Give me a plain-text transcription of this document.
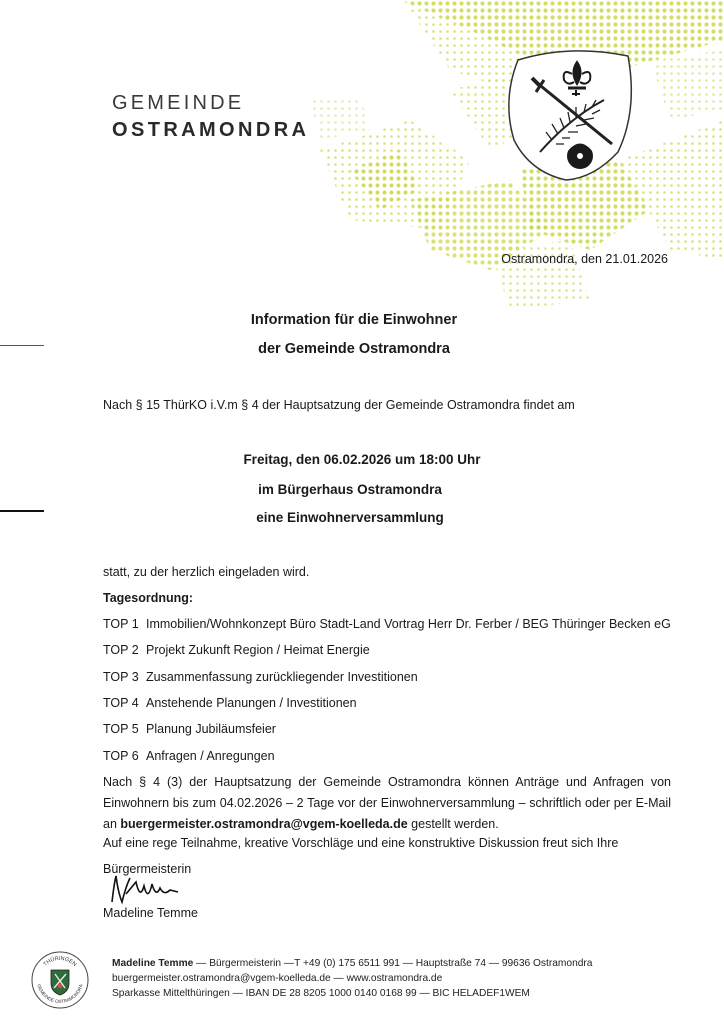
GEMEINDE
OSTRAMONDRA
Ostramondra, den 21.01.2026
Information für die Einwohner
der Gemeinde Ostramondra
Nach § 15 ThürKO i.V.m § 4 der Hauptsatzung der Gemeinde Ostramondra findet am
Freitag, den 06.02.2026 um 18:00 Uhr
im Bürgerhaus Ostramondra
eine Einwohnerversammlung
statt, zu der herzlich eingeladen wird.
Tagesordnung:
TOP 1 Immobilien/Wohnkonzept Büro Stadt-Land Vortrag Herr Dr. Ferber / BEG Thüringer Becken eG
TOP 2 Projekt Zukunft Region / Heimat Energie
TOP 3 Zusammenfassung zurückliegender Investitionen
TOP 4 Anstehende Planungen / Investitionen
TOP 5 Planung Jubiläumsfeier
TOP 6 Anfragen / Anregungen
Nach § 4 (3) der Hauptsatzung der Gemeinde Ostramondra können Anträge und Anfragen von Einwohnern bis zum 04.02.2026 – 2 Tage vor der Einwohnerversammlung – schriftlich oder per E-Mail an buergermeister.ostramondra@vgem-koelleda.de gestellt werden.
Auf eine rege Teilnahme, kreative Vorschläge und eine konstruktive Diskussion freut sich Ihre
Bürgermeisterin
Madeline Temme
THÜRINGEN
GEMEINDE OSTRAMONDRA
Madeline Temme — Bürgermeisterin —T +49 (0) 175 6511 991 — Hauptstraße 74 — 99636 Ostramondra
buergermeister.ostramondra@vgem-koelleda.de — www.ostramondra.de
Sparkasse Mittelthüringen — IBAN DE 28 8205 1000 0140 0168 99 — BIC HELADEF1WEM
